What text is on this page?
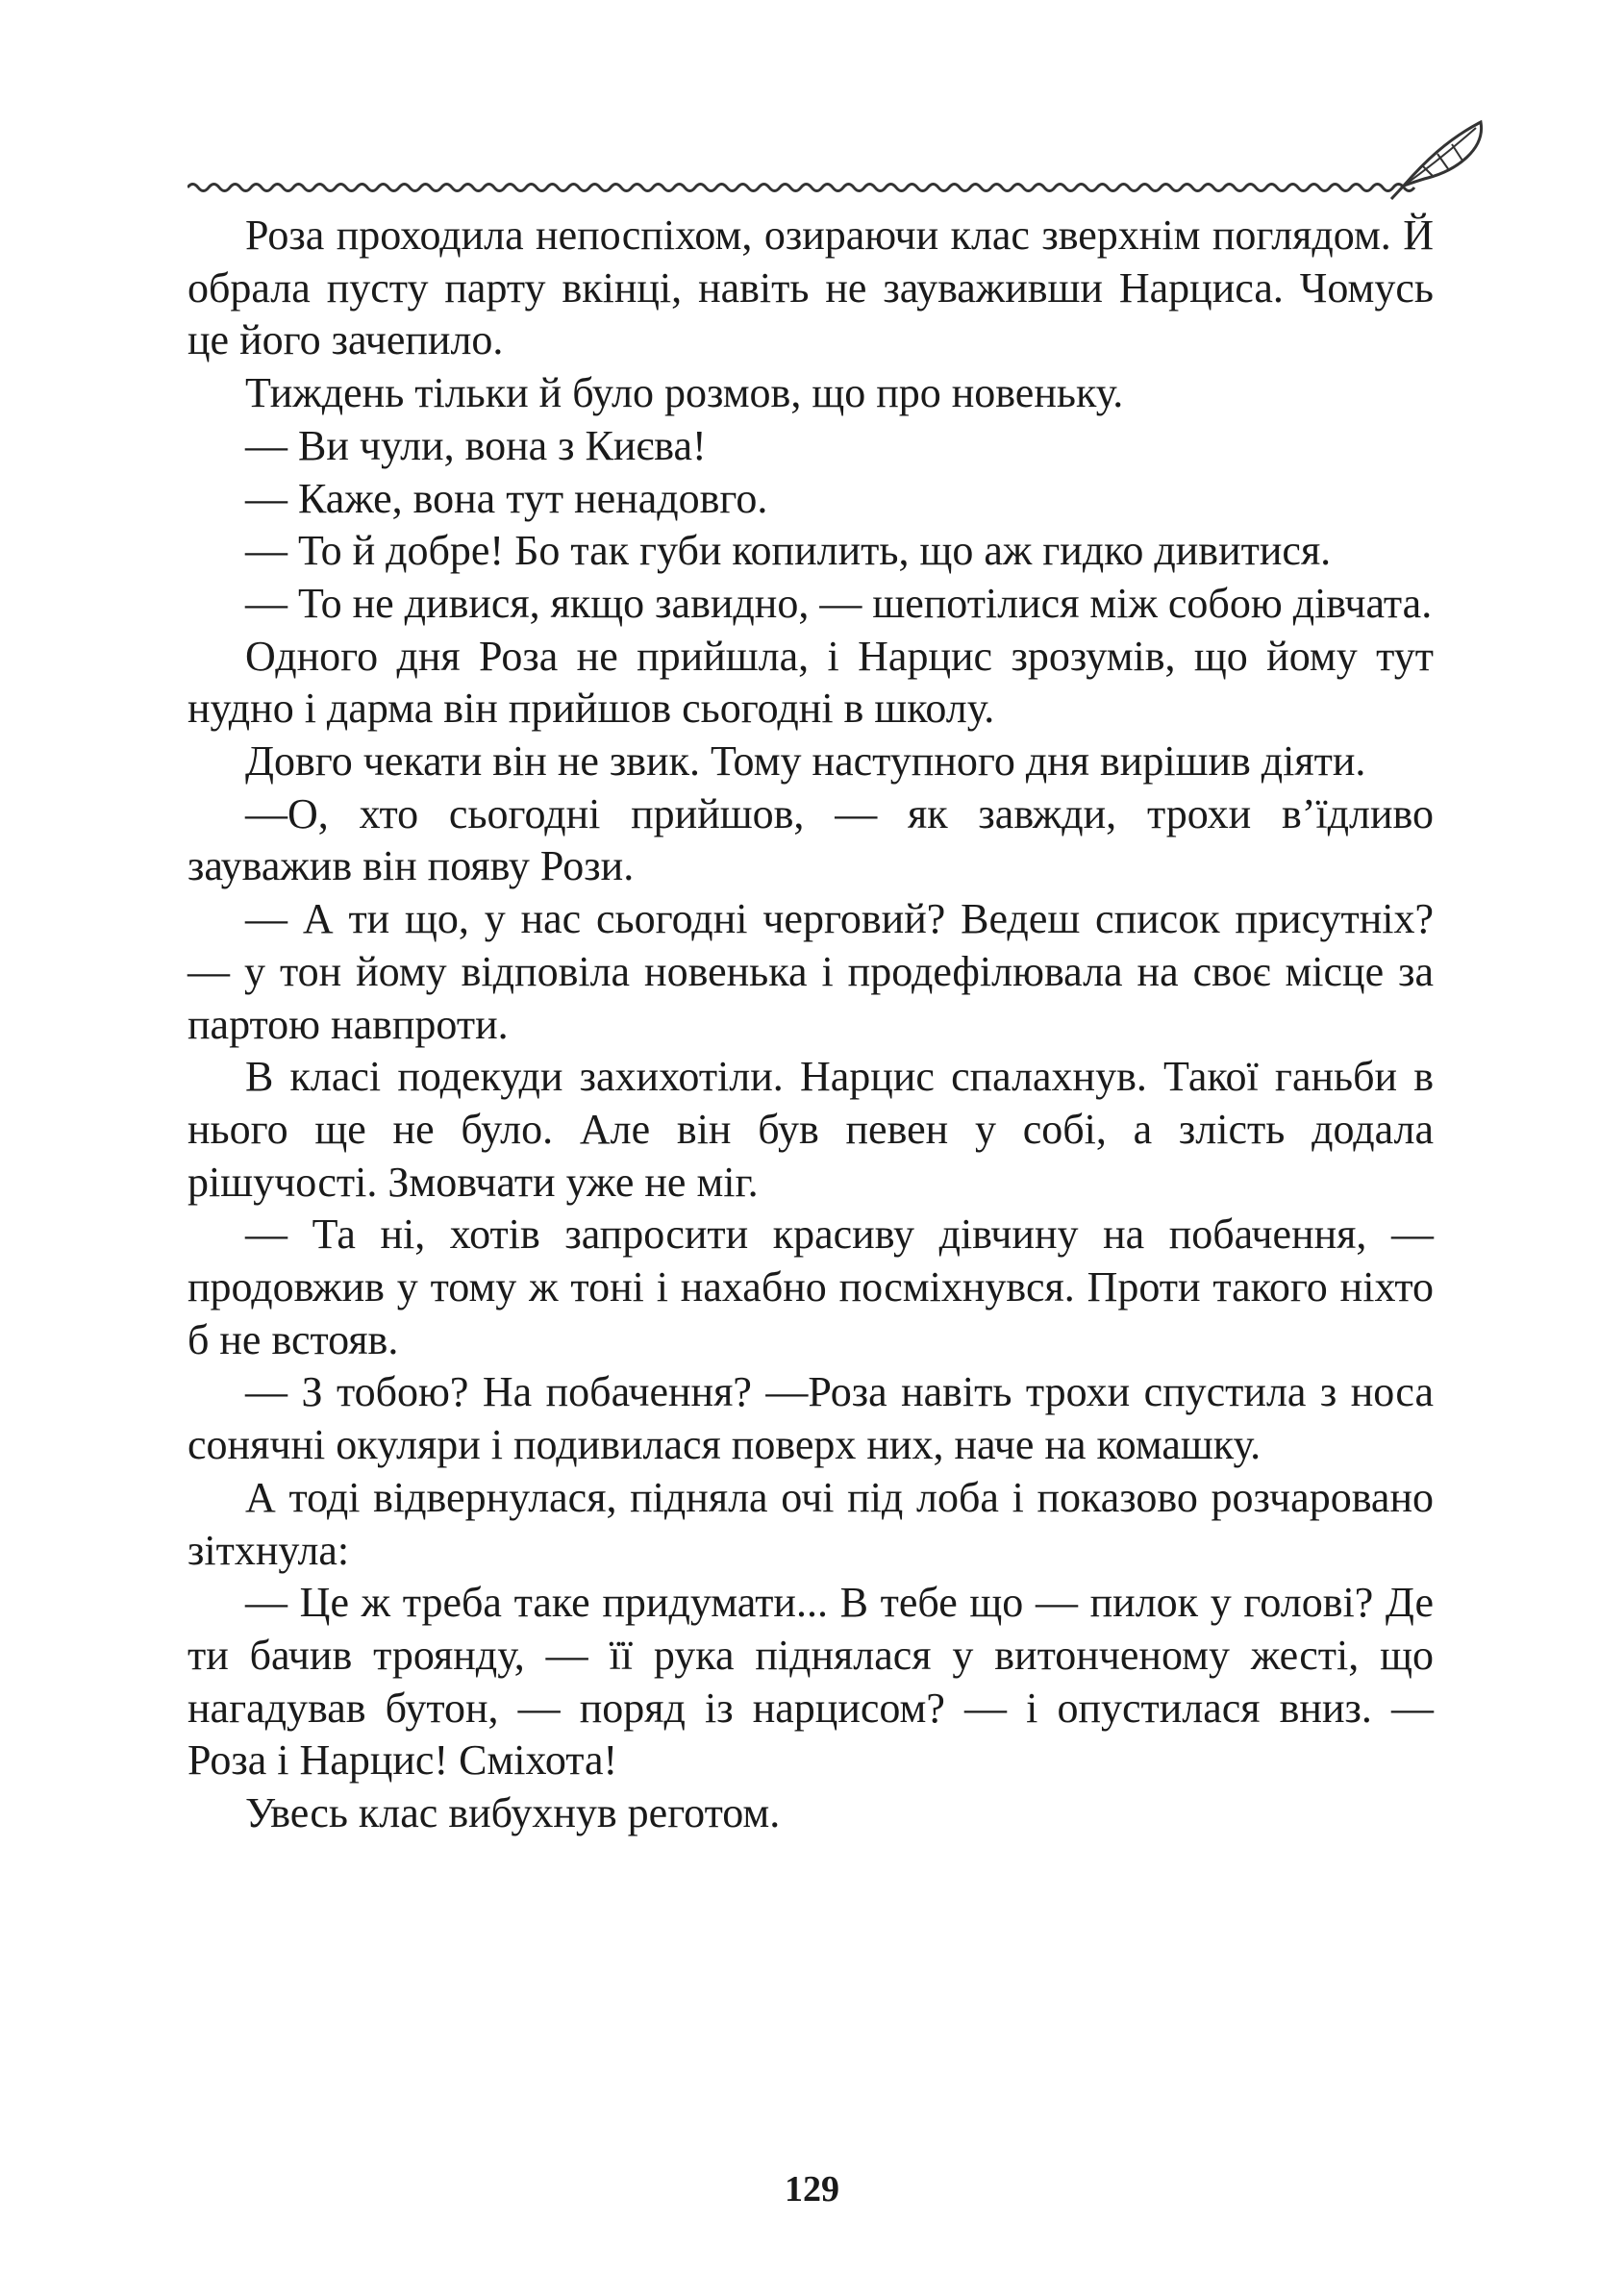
Роза проходила непоспіхом, озираючи клас зверхнім поглядом. Й обрала пусту парту вкінці, навіть не зауваживши Нарциса. Чомусь це його зачепило.

Тиждень тільки й було розмов, що про новеньку.

— Ви чули, вона з Києва!

— Каже, вона тут ненадовго.

— То й добре! Бо так губи копилить, що аж гидко дивитися.

— То не дивися, якщо завидно, — шепотілися між собою дівчата.

Одного дня Роза не прийшла, і Нарцис зрозумів, що йому тут нудно і дарма він прийшов сьогодні в школу.

Довго чекати він не звик. Тому наступного дня вирішив діяти.

—О, хто сьогодні прийшов, — як завжди, трохи в’їдливо зауважив він появу Рози.

— А ти що, у нас сьогодні черговий? Ведеш список присутніх? — у тон йому відповіла новенька і продефілювала на своє місце за партою навпроти.

В класі подекуди захихотіли. Нарцис спалахнув. Такої ганьби в нього ще не було. Але він був певен у собі, а злість додала рішучості. Змовчати уже не міг.

— Та ні, хотів запросити красиву дівчину на побачення, — продовжив у тому ж тоні і нахабно посміхнувся. Проти такого ніхто б не встояв.

— З тобою? На побачення? —Роза навіть трохи спустила з носа сонячні окуляри і подивилася поверх них, наче на комашку.

А тоді відвернулася, підняла очі під лоба і показово розчаровано зітхнула:

— Це ж треба таке придумати... В тебе що — пилок у голові? Де ти бачив троянду, — її рука піднялася у витонченому жесті, що нагадував бутон, — поряд із нарцисом? — і опустилася вниз. — Роза і Нарцис! Сміхота!

Увесь клас вибухнув реготом.

129
